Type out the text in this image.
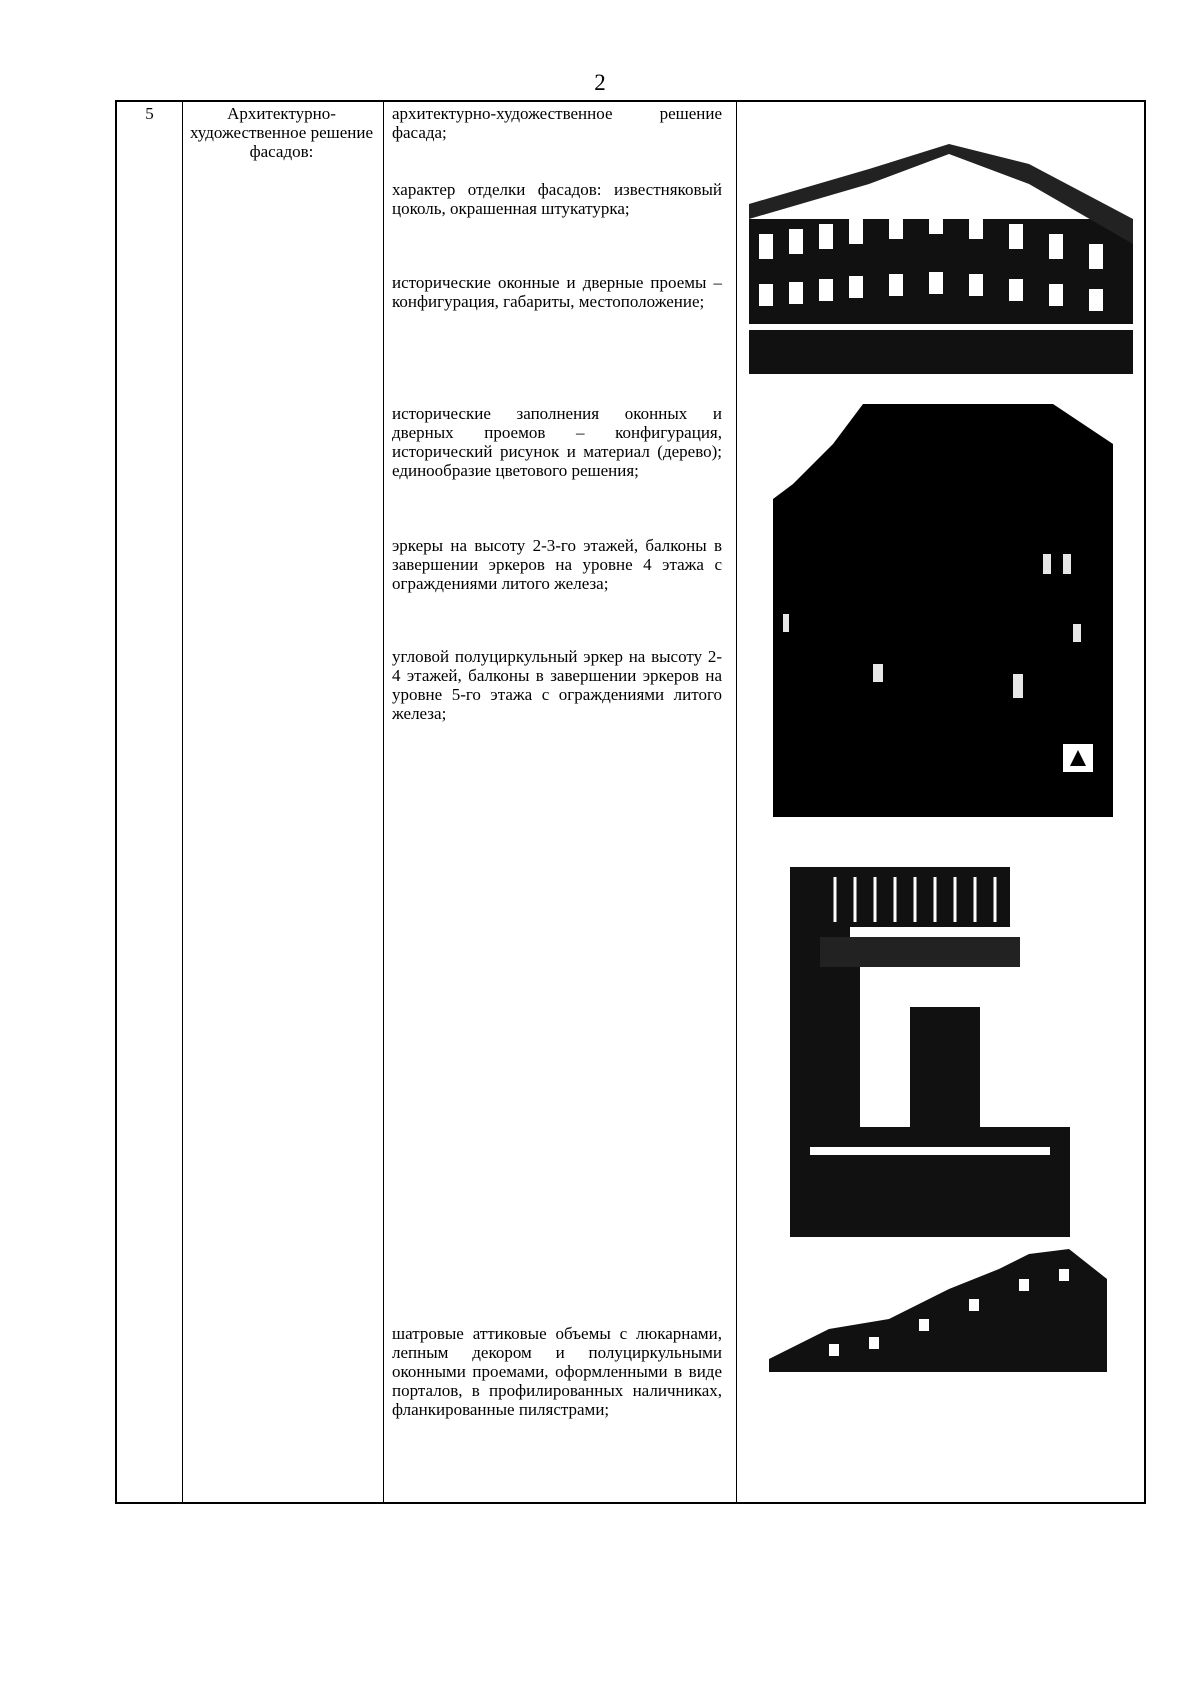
2
5	Архитектурно-художественное решение фасадов:
архитектурно-художественное решение фасада;
характер отделки фасадов: известняковый цоколь, окрашенная штукатурка;
исторические оконные и дверные проемы – конфигурация, габариты, местоположение;
исторические заполнения оконных и дверных проемов – конфигурация, исторический рисунок и материал (дерево); единообразие цветового решения;
эркеры на высоту 2-3-го этажей, балконы в завершении эркеров на уровне 4 этажа с ограждениями литого железа;
угловой полуциркульный эркер на высоту 2-4 этажей, балконы в завершении эркеров на уровне 5-го этажа с ограждениями литого железа;
шатровые аттиковые объемы с люкарнами, лепным декором и полуциркульными оконными проемами, оформленными в виде порталов, в профилированных наличниках, фланкированные пилястрами;
